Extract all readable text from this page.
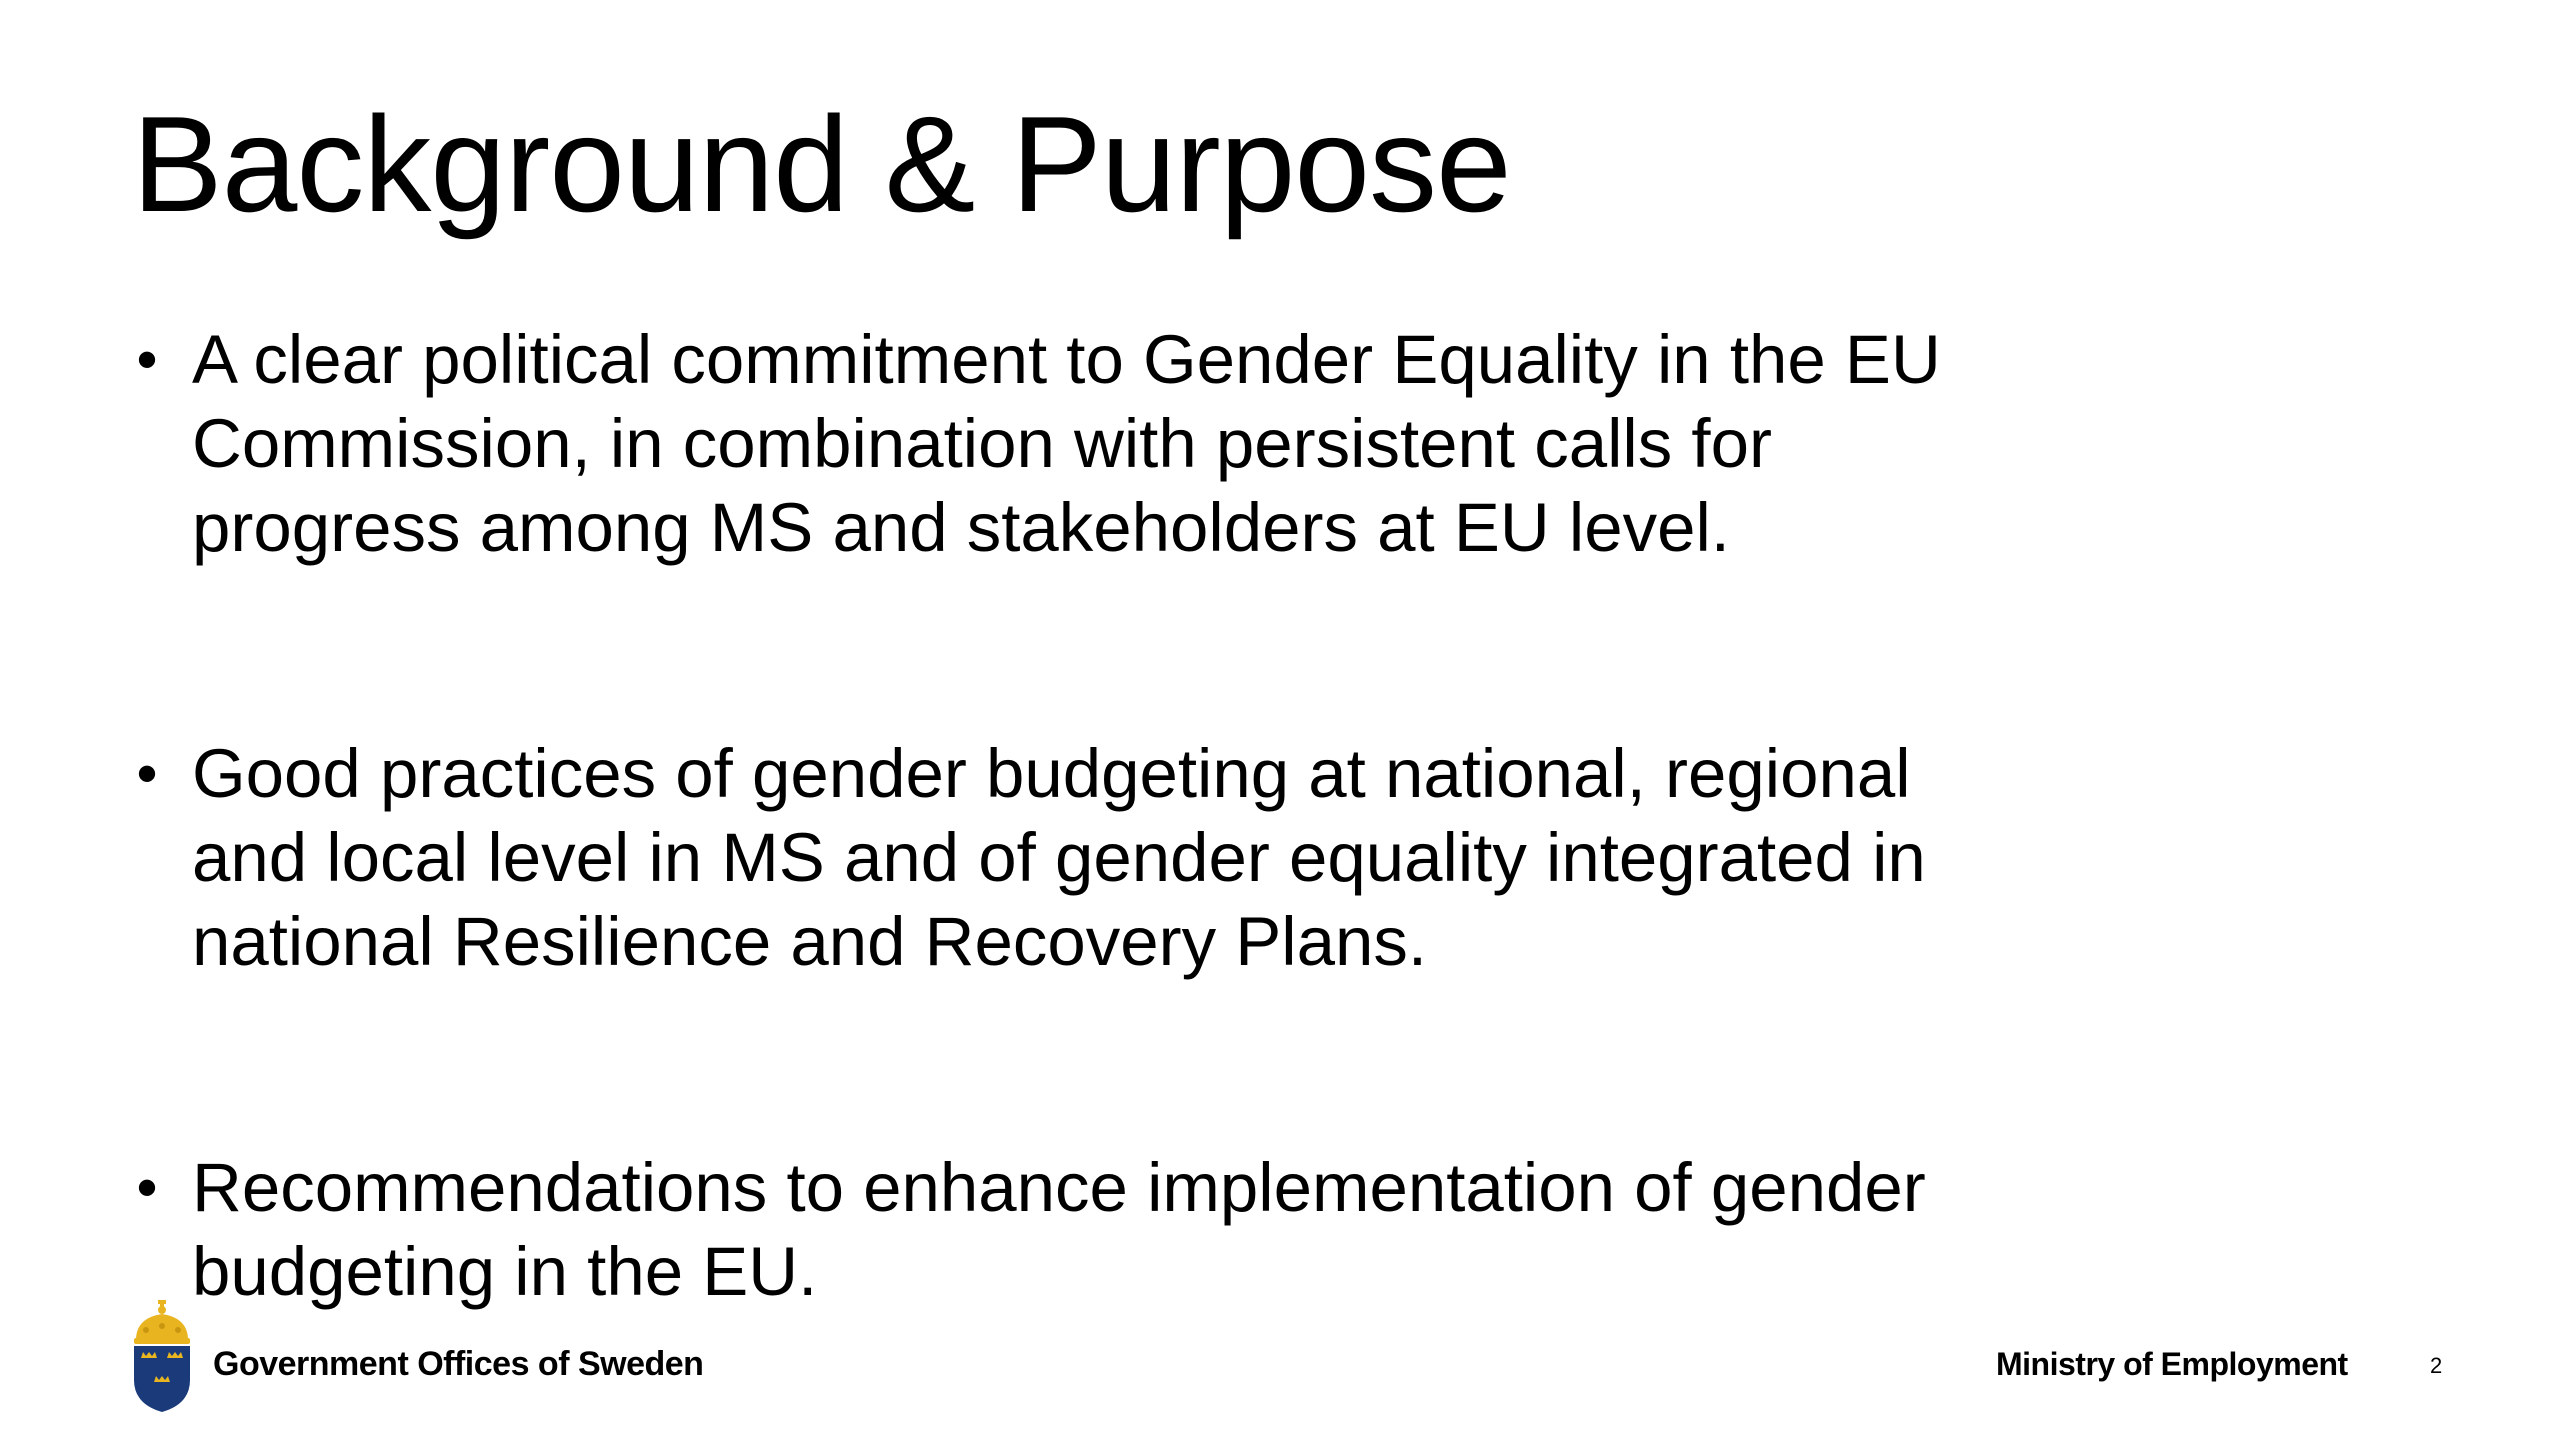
Background & Purpose
• A clear political commitment to Gender Equality in the EU Commission, in combination with persistent calls for progress among MS and stakeholders at EU level.
• Good practices of gender budgeting at national, regional and local level in MS and of gender equality integrated in national Resilience and Recovery Plans.
• Recommendations to enhance implementation of gender budgeting in the EU.
Government Offices of Sweden	Ministry of Employment	2
